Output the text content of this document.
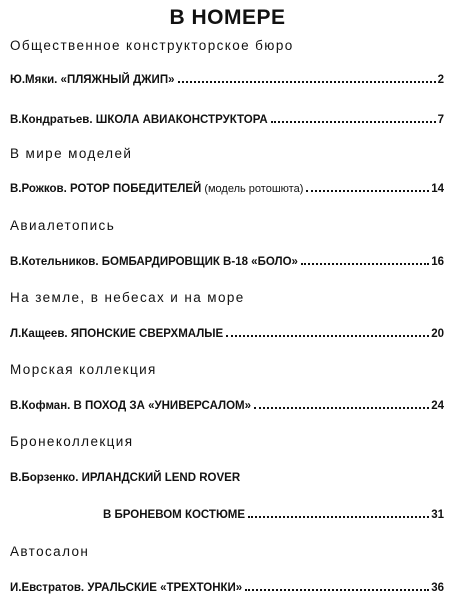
В НОМЕРЕ
Общественное конструкторское бюро
Ю.Мяки. «ПЛЯЖНЫЙ ДЖИП»	2
В.Кондратьев. ШКОЛА АВИАКОНСТРУКТОРА	7
В мире моделей
В.Рожков. РОТОР ПОБЕДИТЕЛЕЙ (модель ротошюта)	14
Авиалетопись
В.Котельников. БОМБАРДИРОВЩИК В-18 «БОЛО»	16
На земле, в небесах и на море
Л.Кащеев. ЯПОНСКИЕ СВЕРХМАЛЫЕ	20
Морская коллекция
В.Кофман. В ПОХОД ЗА «УНИВЕРСАЛОМ»	24
Бронеколлекция
В.Борзенко. ИРЛАНДСКИЙ LEND ROVER
В БРОНЕВОМ КОСТЮМЕ	31
Автосалон
И.Евстратов. УРАЛЬСКИЕ «ТРЕХТОНКИ»	36
